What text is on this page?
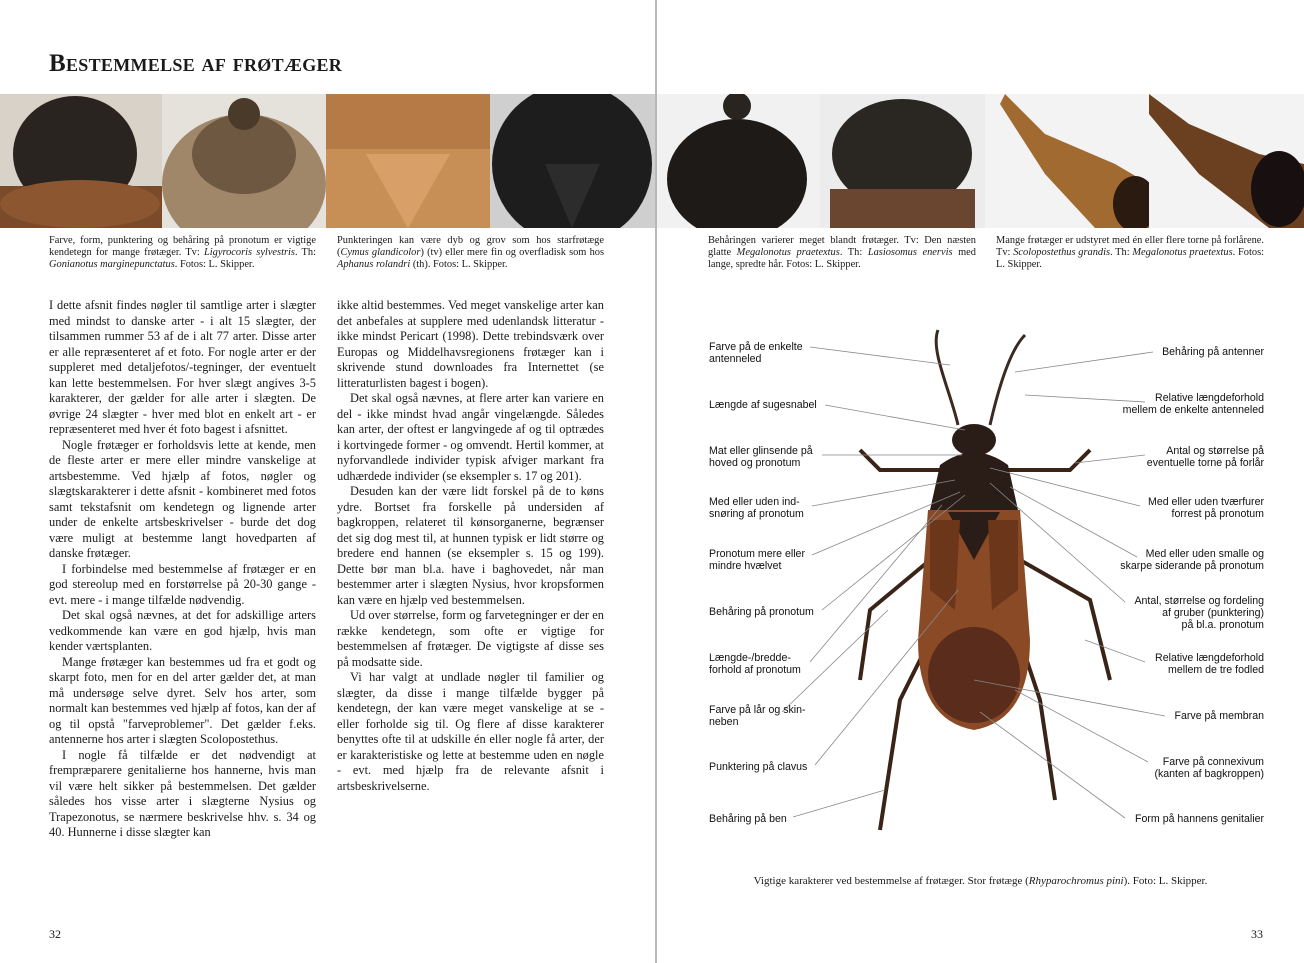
Bestemmelse af frøtæger
Farve, form, punktering og behåring på pronotum er vigtige kendetegn for mange frøtæger. Tv: Ligyrocoris sylvestris. Th: Gonianotus marginepunctatus. Fotos: L. Skipper.
Punkteringen kan være dyb og grov som hos starfrøtæge (Cymus glandicolor) (tv) eller mere fin og overfladisk som hos Aphanus rolandri (th). Fotos: L. Skipper.
Behåringen varierer meget blandt frøtæger. Tv: Den næsten glatte Megalonotus praetextus. Th: Lasiosomus enervis med lange, spredte hår. Fotos: L. Skipper.
Mange frøtæger er udstyret med én eller flere torne på forlårene. Tv: Scolopostethus grandis. Th: Megalonotus praetextus. Fotos: L. Skipper.

I dette afsnit findes nøgler til samtlige arter i slægter med mindst to danske arter - i alt 15 slægter, der tilsammen rummer 53 af de i alt 77 arter. Disse arter er alle repræsenteret af et foto. For nogle arter er der suppleret med detaljefotos/-tegninger, der eventuelt kan lette bestemmelsen. For hver slægt angives 3-5 karakterer, der gælder for alle arter i slægten. De øvrige 24 slægter - hver med blot en enkelt art - er repræsenteret med hver ét foto bagest i afsnittet.

Nogle frøtæger er forholdsvis lette at kende, men de fleste arter er mere eller mindre vanskelige at artsbestemme. Ved hjælp af fotos, nøgler og slægtskarakterer i dette afsnit - kombineret med fotos samt tekstafsnit om kendetegn og lignende arter under de enkelte artsbeskrivelser - burde det dog være muligt at bestemme langt hovedparten af danske frøtæger.

I forbindelse med bestemmelse af frøtæger er en god stereolup med en forstørrelse på 20-30 gange - evt. mere - i mange tilfælde nødvendig.

Det skal også nævnes, at det for adskillige arters vedkommende kan være en god hjælp, hvis man kender værtsplanten.

Mange frøtæger kan bestemmes ud fra et godt og skarpt foto, men for en del arter gælder det, at man må undersøge selve dyret. Selv hos arter, som normalt kan bestemmes ved hjælp af fotos, kan der af og til opstå "farveproblemer". Det gælder f.eks. antennerne hos arter i slægten Scolopostethus.

I nogle få tilfælde er det nødvendigt at frempræparere genitalierne hos hannerne, hvis man vil være helt sikker på bestemmelsen. Det gælder således hos visse arter i slægterne Nysius og Trapezonotus, se nærmere beskrivelse hhv. s. 34 og 40. Hunnerne i disse slægter kan

ikke altid bestemmes. Ved meget vanskelige arter kan det anbefales at supplere med udenlandsk litteratur - ikke mindst Pericart (1998). Dette trebindsværk over Europas og Middelhavsregionens frøtæger kan i skrivende stund downloades fra Internettet (se litteraturlisten bagest i bogen).

Det skal også nævnes, at flere arter kan variere en del - ikke mindst hvad angår vingelængde. Således kan arter, der oftest er langvingede af og til optrædes i kortvingede former - og omvendt. Hertil kommer, at nyforvandlede individer typisk afviger markant fra udhærdede individer (se eksempler s. 17 og 201).

Desuden kan der være lidt forskel på de to køns ydre. Bortset fra forskelle på undersiden af bagkroppen, relateret til kønsorganerne, begrænser det sig dog mest til, at hunnen typisk er lidt større og bredere end hannen (se eksempler s. 15 og 199). Dette bør man bl.a. have i baghovedet, når man bestemmer arter i slægten Nysius, hvor kropsformen kan være en hjælp ved bestemmelsen.

Ud over størrelse, form og farvetegninger er der en række kendetegn, som ofte er vigtige for bestemmelsen af frøtæger. De vigtigste af disse ses på modsatte side.

Vi har valgt at undlade nøgler til familier og slægter, da disse i mange tilfælde bygger på kendetegn, der kan være meget vanskelige at se - eller forholde sig til. Og flere af disse karakterer benyttes ofte til at udskille én eller nogle få arter, der er karakteristiske og lette at bestemme uden en nøgle - evt. med hjælp fra de relevante afsnit i artsbeskrivelserne.

32	33
Farve på de enkelte
antenneled
Længde af sugesnabel
Mat eller glinsende på
hoved og pronotum
Med eller uden ind-
snøring af pronotum
Pronotum mere eller
mindre hvælvet
Behåring på pronotum
Længde-/bredde-
forhold af pronotum
Farve på lår og skin-
neben
Punktering på clavus
Behåring på ben
Behåring på antenner
Relative længdeforhold
mellem de enkelte antenneled
Antal og størrelse på
eventuelle torne på forlår
Med eller uden tværfurer
forrest på pronotum
Med eller uden smalle og
skarpe siderande på pronotum
Antal, størrelse og fordeling
af gruber (punktering)
på bl.a. pronotum
Relative længdeforhold
mellem de tre fodled
Farve på membran
Farve på connexivum
(kanten af bagkroppen)
Form på hannens genitalier
Vigtige karakterer ved bestemmelse af frøtæger. Stor frøtæge (Rhyparochromus pini). Foto: L. Skipper.
